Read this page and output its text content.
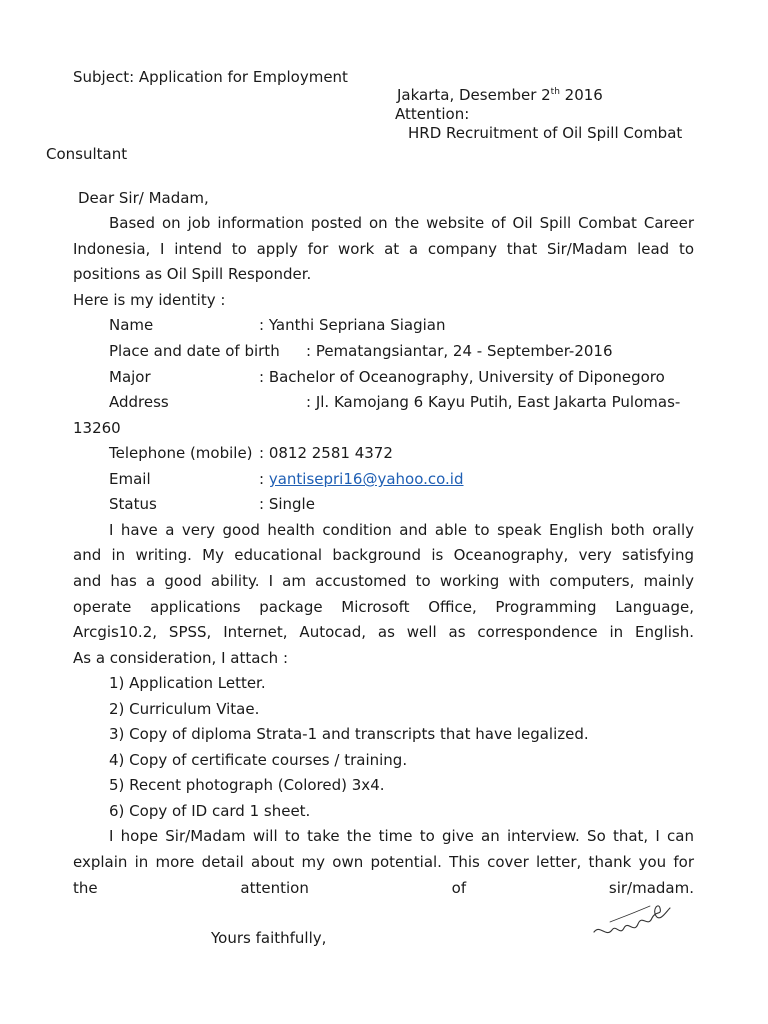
Subject: Application for Employment
Jakarta, Desember 2th 2016
Attention:
HRD Recruitment of Oil Spill Combat
Consultant
Dear Sir/ Madam,
Based on job information posted on the website of Oil Spill Combat Career
Indonesia, I intend to apply for work at a company that Sir/Madam lead to
positions as Oil Spill Responder.
Here is my identity :
Name	: Yanthi Sepriana Siagian
Place and date of birth : Pematangsiantar, 24 - September-2016
Major	: Bachelor of Oceanography, University of Diponegoro
Address	: Jl. Kamojang 6 Kayu Putih, East Jakarta Pulomas-
13260
Telephone (mobile) : 0812 2581 4372
Email	: yantisepri16@yahoo.co.id
Status	: Single
I have a very good health condition and able to speak English both orally
and in writing. My educational background is Oceanography, very satisfying
and has a good ability. I am accustomed to working with computers, mainly
operate applications package Microsoft Office, Programming Language,
Arcgis10.2, SPSS, Internet, Autocad, as well as correspondence in English.
As a consideration, I attach :
1) Application Letter.
2) Curriculum Vitae.
3) Copy of diploma Strata-1 and transcripts that have legalized.
4) Copy of certificate courses / training.
5) Recent photograph (Colored) 3x4.
6) Copy of ID card 1 sheet.
I hope Sir/Madam will to take the time to give an interview. So that, I can
explain in more detail about my own potential. This cover letter, thank you for
the attention of sir/madam.
Yours faithfully,
